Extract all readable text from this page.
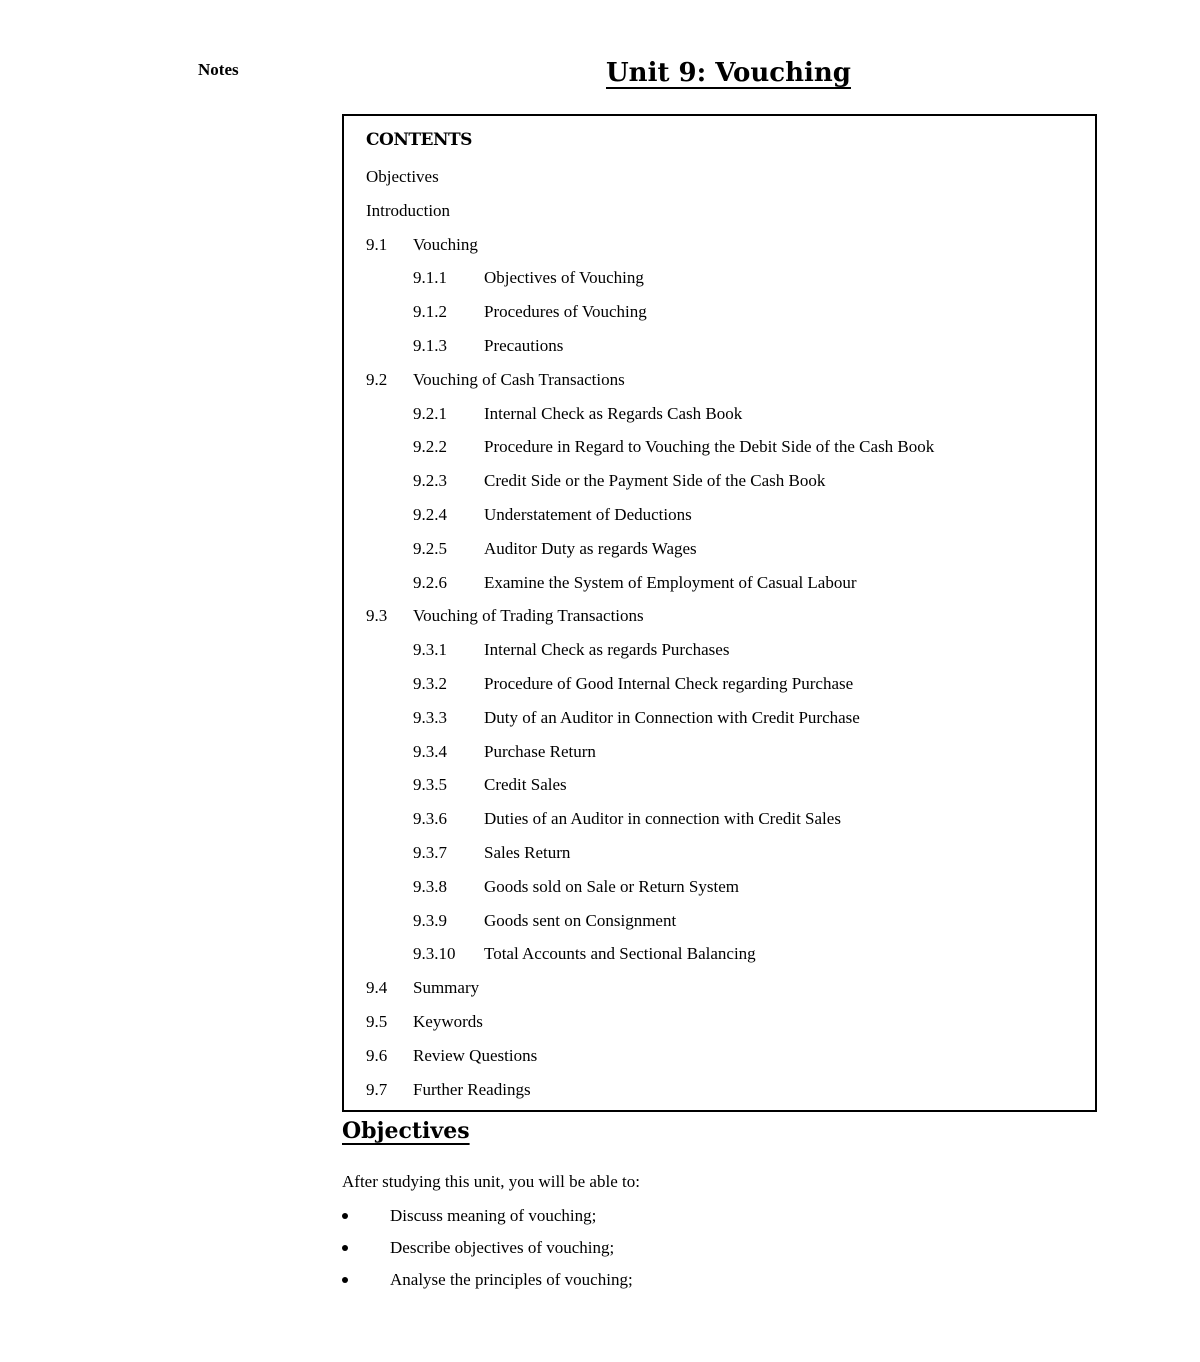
Notes	Unit 9: Vouching
CONTENTS
Objectives
Introduction
9.1 Vouching
9.1.1 Objectives of Vouching
9.1.2 Procedures of Vouching
9.1.3 Precautions
9.2 Vouching of Cash Transactions
9.2.1 Internal Check as Regards Cash Book
9.2.2 Procedure in Regard to Vouching the Debit Side of the Cash Book
9.2.3 Credit Side or the Payment Side of the Cash Book
9.2.4 Understatement of Deductions
9.2.5 Auditor Duty as regards Wages
9.2.6 Examine the System of Employment of Casual Labour
9.3 Vouching of Trading Transactions
9.3.1 Internal Check as regards Purchases
9.3.2 Procedure of Good Internal Check regarding Purchase
9.3.3 Duty of an Auditor in Connection with Credit Purchase
9.3.4 Purchase Return
9.3.5 Credit Sales
9.3.6 Duties of an Auditor in connection with Credit Sales
9.3.7 Sales Return
9.3.8 Goods sold on Sale or Return System
9.3.9 Goods sent on Consignment
9.3.10 Total Accounts and Sectional Balancing
9.4 Summary
9.5 Keywords
9.6 Review Questions
9.7 Further Readings
Objectives
After studying this unit, you will be able to:
Discuss meaning of vouching;
Describe objectives of vouching;
Analyse the principles of vouching;
